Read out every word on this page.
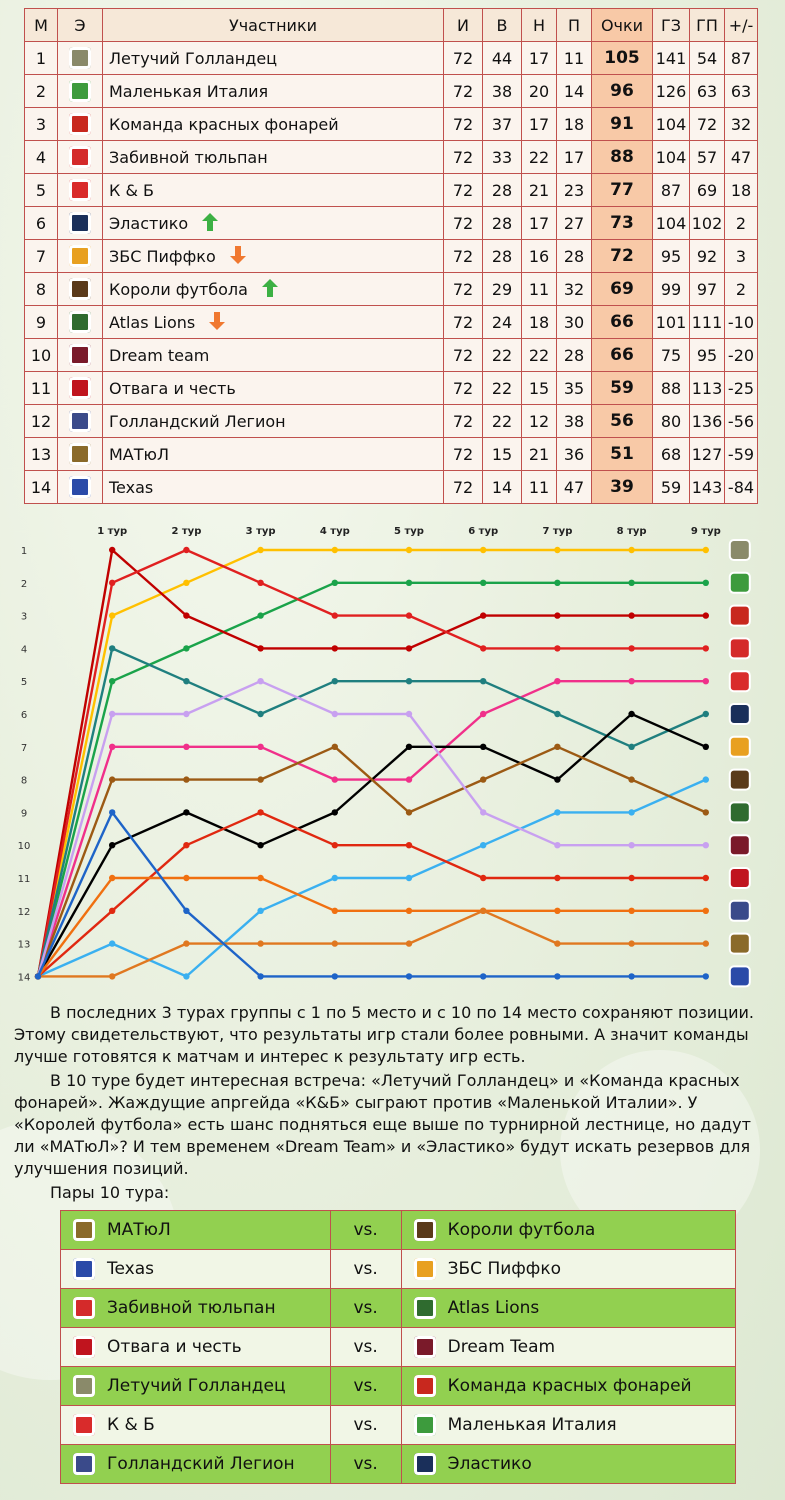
М	Э	Участники	И	В	Н	П	Очки	ГЗ	ГП	+/-
1		Летучий Голландец	72	44	17	11	105	141	54	87
2		Маленькая Италия	72	38	20	14	96	126	63	63
3		Команда красных фонарей	72	37	17	18	91	104	72	32
4		Забивной тюльпан	72	33	22	17	88	104	57	47
5		К & Б	72	28	21	23	77	87	69	18
6		Эластико	72	28	17	27	73	104	102	2
7		ЗБС Пиффко	72	28	16	28	72	95	92	3
8		Короли футбола	72	29	11	32	69	99	97	2
9		Atlas Lions	72	24	18	30	66	101	111	-10
10		Dream team	72	22	22	28	66	75	95	-20
11		Отвага и честь	72	22	15	35	59	88	113	-25
12		Голландский Легион	72	22	12	38	56	80	136	-56
13		МАТюЛ	72	15	21	36	51	68	127	-59
14		Texas	72	14	11	47	39	59	143	-84
1
2
3
4
5
6
7
8
9
10
11
12
13
14
1 тур	2 тур	3 тур	4 тур	5 тур	6 тур	7 тур	8 тур	9 тур
В последних 3 турах группы с 1 по 5 место и с 10 по 14 место сохраняют позиции. Этому свидетельствуют, что результаты игр стали более ровными. А значит команды лучше готовятся к матчам и интерес к результату игр есть.
В 10 туре будет интересная встреча: «Летучий Голландец» и «Команда красных фонарей». Жаждущие апргейда «К&Б» сыграют против «Маленькой Италии». У «Королей футбола» есть шанс подняться еще выше по турнирной лестнице, но дадут ли «МАТюЛ»? И тем временем «Dream Team» и «Эластико» будут искать резервов для улучшения позиций.
Пары 10 тура:
МАТюЛ	vs.	Короли футбола
Texas	vs.	ЗБС Пиффко
Забивной тюльпан	vs.	Atlas Lions
Отвага и честь	vs.	Dream Team
Летучий Голландец	vs.	Команда красных фонарей
К & Б	vs.	Маленькая Италия
Голландский Легион	vs.	Эластико
